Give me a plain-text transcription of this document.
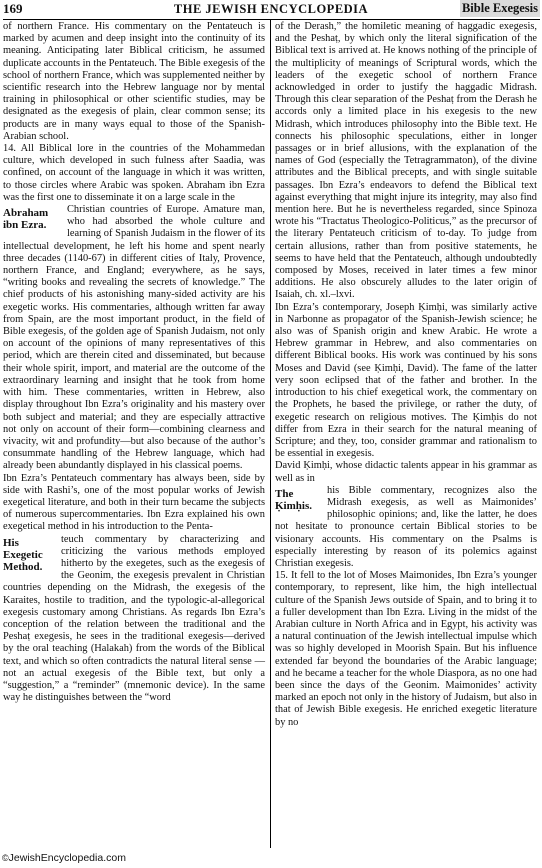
169	THE JEWISH ENCYCLOPEDIA	Bible Exegesis

of northern France. His commentary on the Pentateuch is marked by acumen and deep insight into the continuity of its meaning. Anticipating later Biblical criticism, he assumed duplicate accounts in the Pentateuch. The Bible exegesis of the school of northern France, which was supplemented neither by scientific research into the Hebrew language nor by mental training in philosophical or other scientific studies, may be designated as the exegesis of plain, clear common sense; its products are in many ways equal to those of the Spanish-Arabian school.

14. All Biblical lore in the countries of the Mohammedan culture, which developed in such fulness after Saadia, was confined, on account of the language in which it was written, to those circles where Arabic was spoken. Abraham ibn Ezra was the first one to disseminate it on a large scale in the

Abraham ibn Ezra.

Christian countries of Europe. Amature man, who had absorbed the whole culture and learning of Spanish Judaism in the flower of its intellectual development, he left his home and spent nearly three decades (1140-67) in different cities of Italy, Provence, northern France, and England; everywhere, as he says, “writing books and revealing the secrets of knowledge.” The chief products of his astonishing many-sided activity are his exegetic works. His commentaries, although written far away from Spain, are the most important product, in the field of Bible exegesis, of the golden age of Spanish Judaism, not only on account of the opinions of many representatives of this period, which are therein cited and disseminated, but because their whole spirit, import, and material are the outcome of the extraordinary learning and insight that he took from home with him. These commentaries, written in Hebrew, also display throughout Ibn Ezra’s originality and his mastery over both subject and material; and they are especially attractive not only on account of their form—combining clearness and vivacity, wit and profundity—but also because of the author’s consummate handling of the Hebrew language, which had already been abundantly displayed in his classical poems.

Ibn Ezra’s Pentateuch commentary has always been, side by side with Rashi’s, one of the most popular works of Jewish exegetical literature, and both in their turn became the subjects of numerous supercommentaries. Ibn Ezra explained his own exegetical method in his introduction to the Penta-

His Exegetic Method.

teuch commentary by characterizing and criticizing the various methods employed hitherto by the exegetes, such as the exegesis of the Geonim, the exegesis prevalent in Christian countries depending on the Midrash, the exegesis of the Karaites, hostile to tradition, and the typologic-al-allegorical exegesis customary among Christians. As regards Ibn Ezra’s conception of the relation between the traditional and the Peshaṭ exegesis, he sees in the traditional exegesis—derived by the oral teaching (Halakah) from the words of the Biblical text, and which so often contradicts the natural literal sense —not an actual exegesis of the Bible text, but only a “suggestion,” a “reminder” (mnemonic device). In the same way he distinguishes between the “word

of the Derash,” the homiletic meaning of haggadic exegesis, and the Peshaṭ, by which only the literal signification of the Biblical text is arrived at. He knows nothing of the principle of the multiplicity of meanings of Scriptural words, which the leaders of the exegetic school of northern France acknowledged in order to justify the haggadic Midrash. Through this clear separation of the Peshaṭ from the Derash he accords only a limited place in his exegesis to the new Midrash, which introduces philosophy into the Bible text. He connects his philosophic speculations, either in longer passages or in brief allusions, with the explanation of the names of God (especially the Tetragrammaton), of the divine attributes and the Biblical precepts, and with single suitable passages. Ibn Ezra’s endeavors to defend the Biblical text against everything that might injure its integrity, may also find mention here. But he is nevertheless regarded, since Spinoza wrote his “Tractatus Theologico-Politicus,” as the precursor of the literary Pentateuch criticism of to-day. To judge from certain allusions, rather than from positive statements, he seems to have held that the Pentateuch, although undoubtedly composed by Moses, received in later times a few minor additions. He also obscurely alludes to the later origin of Isaiah, ch. xl.–lxvi.

Ibn Ezra’s contemporary, Joseph Ḳimḥi, was similarly active in Narbonne as propagator of the Spanish-Jewish science; he also was of Spanish origin and knew Arabic. He wrote a Hebrew grammar in Hebrew, and also commentaries on different Biblical books. His work was continued by his sons Moses and David (see Ḳimḥi, David). The fame of the latter very soon eclipsed that of the father and brother. In the introduction to his chief exegetical work, the commentary on the Prophets, he based the privilege, or rather the duty, of exegetic research on religious motives. The Ḳimḥis do not differ from Ezra in their search for the natural meaning of Scripture; and they, too, consider grammar and rationalism to be essential in exegesis.

David Ḳimḥi, whose didactic talents appear in his grammar as well as in

The Ḳimḥis.

his Bible commentary, recognizes also the Midrash exegesis, as well as Maimonides’ philosophic opinions; and, like the latter, he does not hesitate to pronounce certain Biblical stories to be visionary accounts. His commentary on the Psalms is especially interesting by reason of its polemics against Christian exegesis.

15. It fell to the lot of Moses Maimonides, Ibn Ezra’s younger contemporary, to represent, like him, the high intellectual culture of the Spanish Jews outside of Spain, and to bring it to a fuller development than Ibn Ezra. Living in the midst of the Arabian culture in North Africa and in Egypt, his activity was a natural continuation of the Jewish intellectual impulse which was so highly developed in Moorish Spain. But his influence extended far beyond the boundaries of the Arabic language; and he became a teacher for the whole Diaspora, as no one had been since the days of the Geonim. Maimonides’ activity marked an epoch not only in the history of Judaism, but also in that of Jewish Bible exegesis. He enriched exegetic literature by no

©JewishEncyclopedia.com
